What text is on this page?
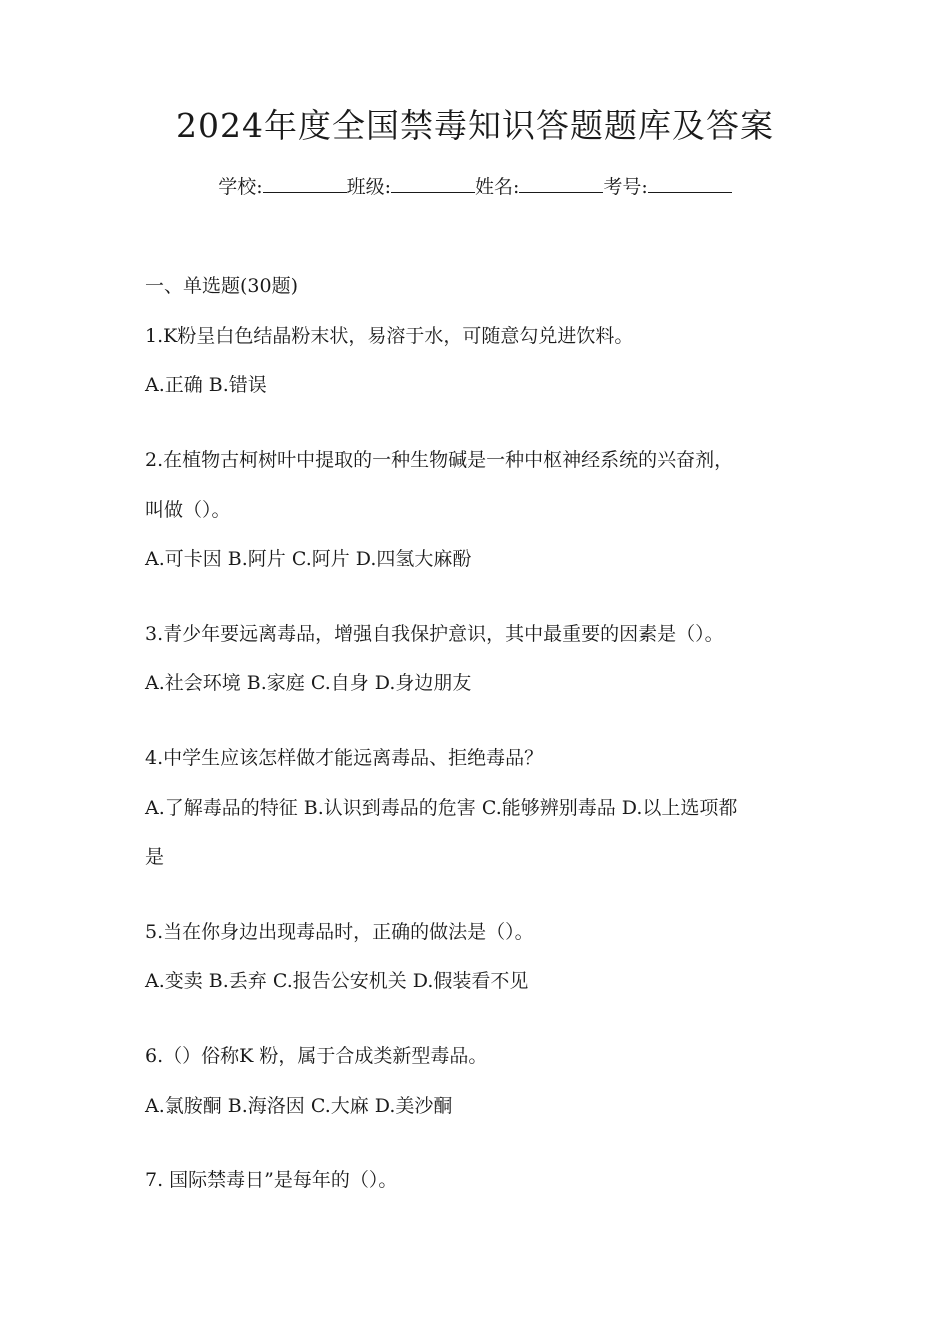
2024年度全国禁毒知识答题题库及答案
学校:	班级:	姓名:	考号:
一、单选题(30题)
1.K粉呈白色结晶粉末状，易溶于水，可随意勾兑进饮料。
A.正确 B.错误
2.在植物古柯树叶中提取的一种生物碱是一种中枢神经系统的兴奋剂，
叫做（）。
A.可卡因 B.阿片 C.阿片 D.四氢大麻酚
3.青少年要远离毒品，增强自我保护意识，其中最重要的因素是（）。
A.社会环境 B.家庭 C.自身 D.身边朋友
4.中学生应该怎样做才能远离毒品、拒绝毒品？
A.了解毒品的特征 B.认识到毒品的危害 C.能够辨别毒品 D.以上选项都
是
5.当在你身边出现毒品时，正确的做法是（）。
A.变卖 B.丢弃 C.报告公安机关 D.假装看不见
6.（）俗称K 粉，属于合成类新型毒品。
A.氯胺酮 B.海洛因 C.大麻 D.美沙酮
7. 国际禁毒日”是每年的（）。
